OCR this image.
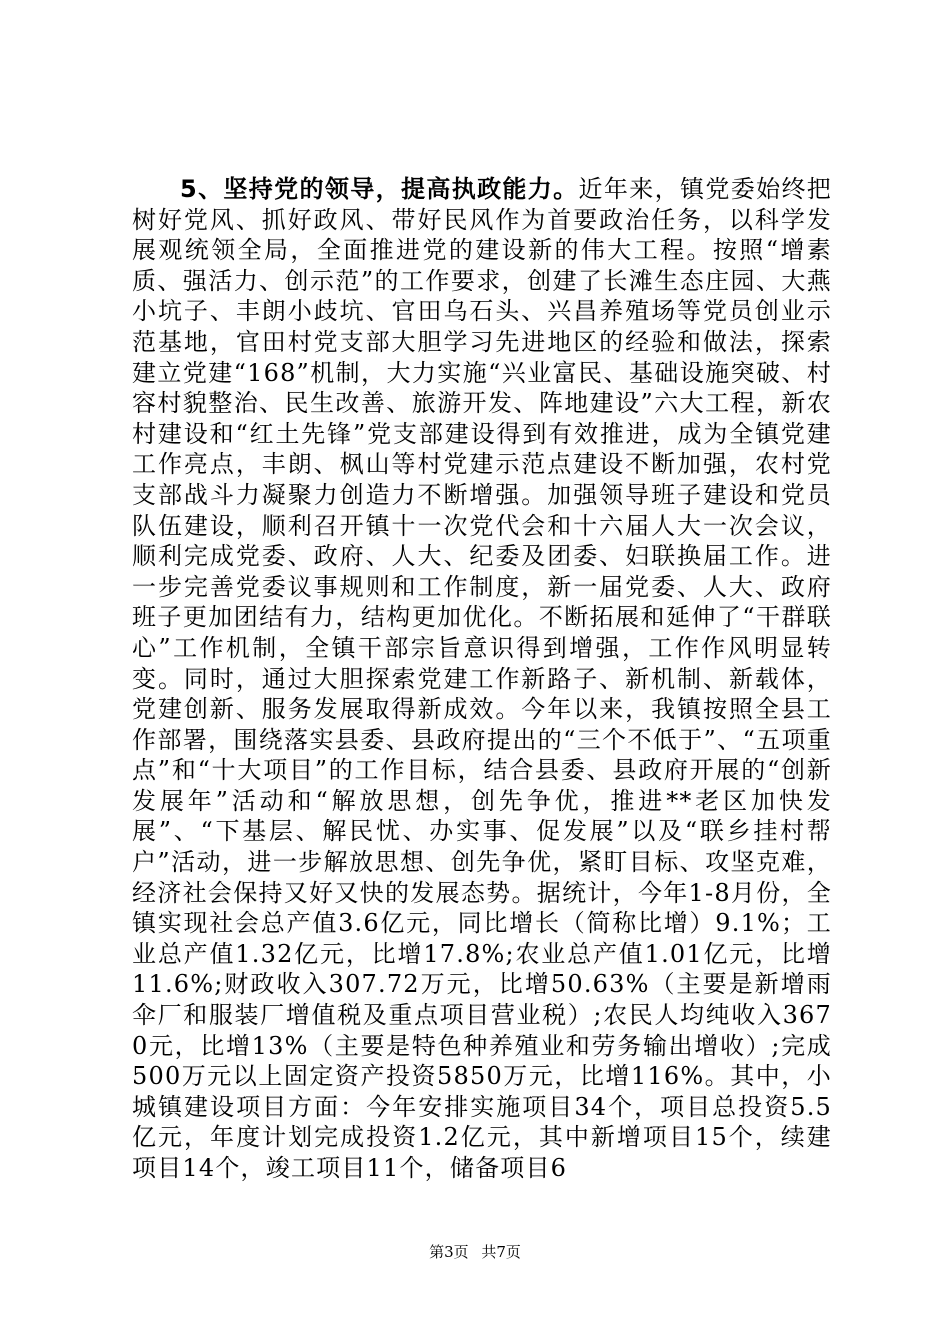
5、坚持党的领导，提高执政能力。近年来，镇党委始终把树好党风、抓好政风、带好民风作为首要政治任务，以科学发展观统领全局，全面推进党的建设新的伟大工程。按照“增素质、强活力、创示范”的工作要求，创建了长滩生态庄园、大燕小坑子、丰朗小歧坑、官田乌石头、兴昌养殖场等党员创业示范基地，官田村党支部大胆学习先进地区的经验和做法，探索建立党建“168”机制，大力实施“兴业富民、基础设施突破、村容村貌整治、民生改善、旅游开发、阵地建设”六大工程，新农村建设和“红土先锋”党支部建设得到有效推进，成为全镇党建工作亮点，丰朗、枫山等村党建示范点建设不断加强，农村党支部战斗力凝聚力创造力不断增强。加强领导班子建设和党员队伍建设，顺利召开镇十一次党代会和十六届人大一次会议，顺利完成党委、政府、人大、纪委及团委、妇联换届工作。进一步完善党委议事规则和工作制度，新一届党委、人大、政府班子更加团结有力，结构更加优化。不断拓展和延伸了“干群联心”工作机制，全镇干部宗旨意识得到增强，工作作风明显转变。同时，通过大胆探索党建工作新路子、新机制、新载体，党建创新、服务发展取得新成效。今年以来，我镇按照全县工作部署，围绕落实县委、县政府提出的“三个不低于”、“五项重点”和“十大项目”的工作目标，结合县委、县政府开展的“创新发展年”活动和“解放思想，创先争优，推进**老区加快发展”、“下基层、解民忧、办实事、促发展”以及“联乡挂村帮户”活动，进一步解放思想、创先争优，紧盯目标、攻坚克难，经济社会保持又好又快的发展态势。据统计，今年1-8月份，全镇实现社会总产值3.6亿元，同比增长（简称比增）9.1%；工业总产值1.32亿元，比增17.8%;农业总产值1.01亿元，比增11.6%;财政收入307.72万元，比增50.63%（主要是新增雨伞厂和服装厂增值税及重点项目营业税）;农民人均纯收入3670元，比增13%（主要是特色种养殖业和劳务输出增收）;完成500万元以上固定资产投资5850万元，比增116%。其中，小城镇建设项目方面：今年安排实施项目34个，项目总投资5.5亿元，年度计划完成投资1.2亿元，其中新增项目15个，续建项目14个，竣工项目11个，储备项目6

第3页 共7页
